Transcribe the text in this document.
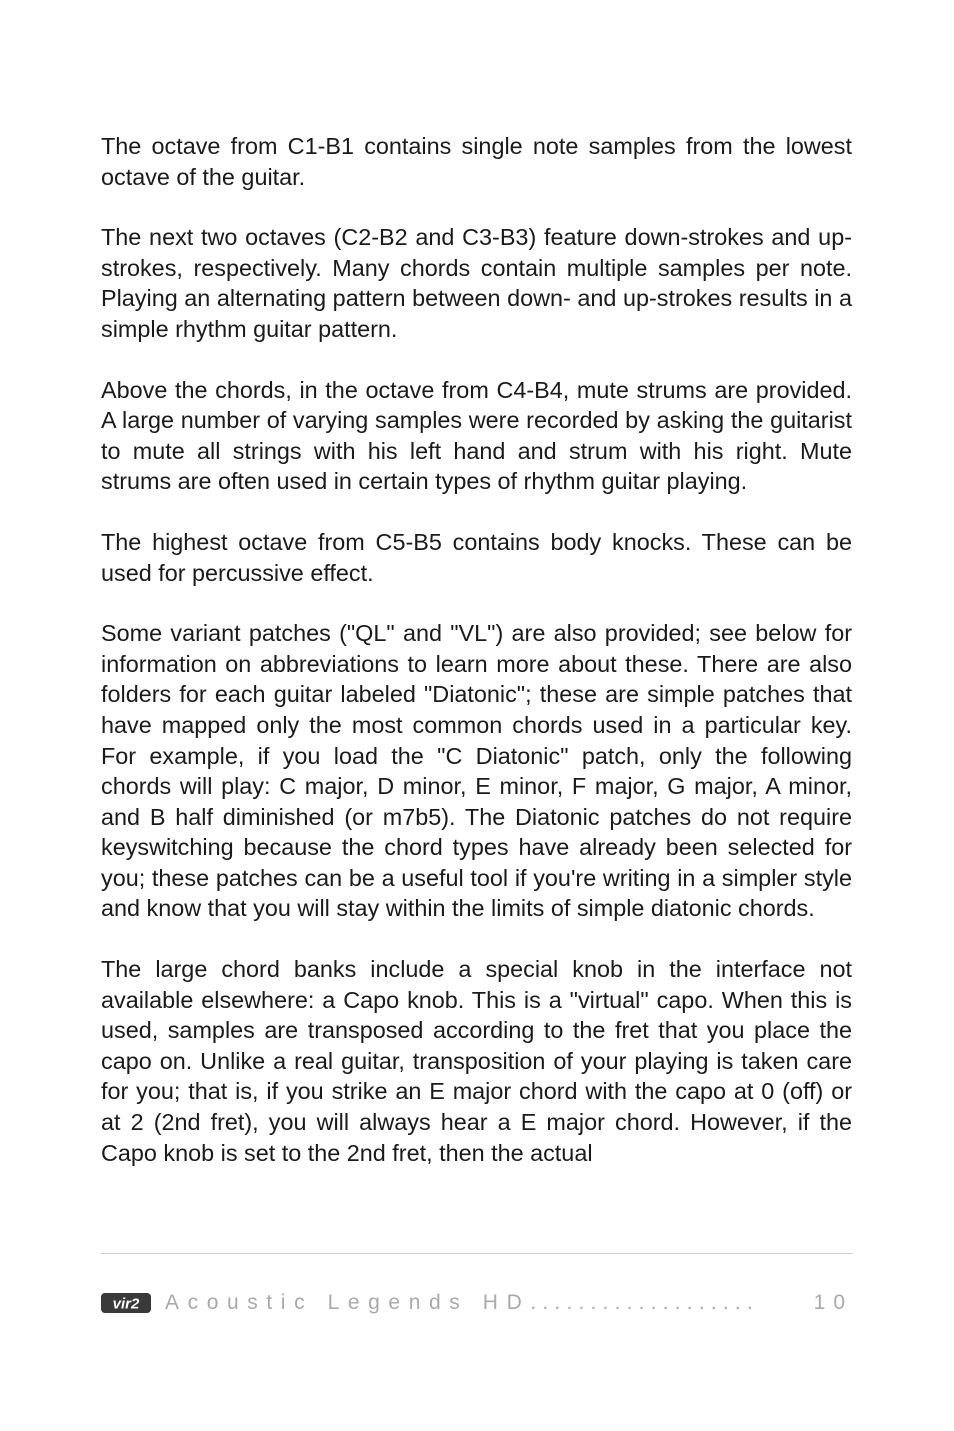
The octave from C1-B1 contains single note samples from the lowest octave of the guitar.

The next two octaves (C2-B2 and C3-B3) feature down-strokes and up-strokes, respectively. Many chords contain multiple samples per note. Playing an alternating pattern between down- and up-strokes results in a simple rhythm guitar pattern.

Above the chords, in the octave from C4-B4, mute strums are provided. A large number of varying samples were recorded by asking the guitarist to mute all strings with his left hand and strum with his right. Mute strums are often used in certain types of rhythm guitar playing.

The highest octave from C5-B5 contains body knocks. These can be used for percussive effect.

Some variant patches ("QL" and "VL") are also provided; see below for information on abbreviations to learn more about these. There are also folders for each guitar labeled "Diatonic"; these are simple patches that have mapped only the most common chords used in a particular key. For example, if you load the "C Diatonic" patch, only the following chords will play: C major, D minor, E minor, F major, G major, A minor, and B half diminished (or m7b5). The Diatonic patches do not require keyswitching because the chord types have already been selected for you; these patches can be a useful tool if you're writing in a simpler style and know that you will stay within the limits of simple diatonic chords.

The large chord banks include a special knob in the interface not available elsewhere: a Capo knob. This is a "virtual" capo. When this is used, samples are transposed according to the fret that you place the capo on. Unlike a real guitar, transposition of your playing is taken care for you; that is, if you strike an E major chord with the capo at 0 (off) or at 2 (2nd fret), you will always hear a E major chord. However, if the Capo knob is set to the 2nd fret, then the actual

vir2 Acoustic Legends HD ...................	10
